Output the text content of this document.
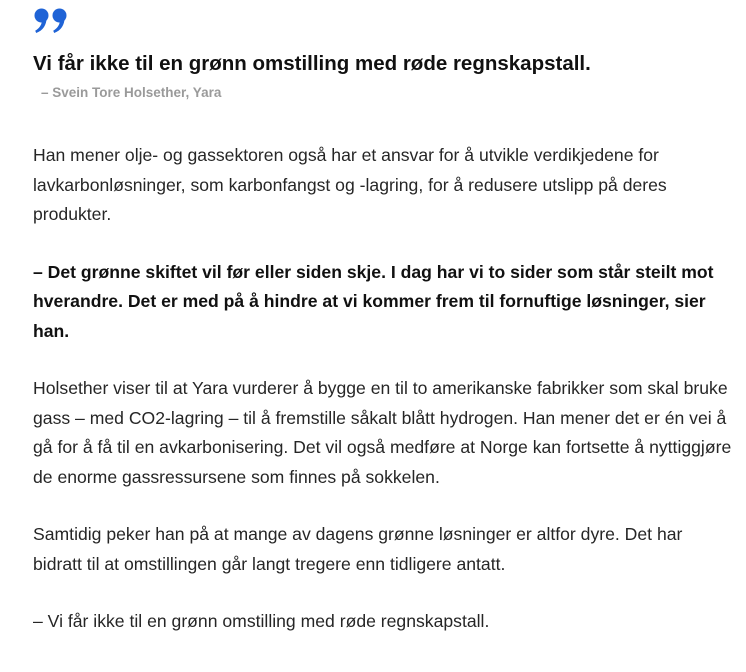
Vi får ikke til en grønn omstilling med røde regnskapstall.

– Svein Tore Holsether, Yara

Han mener olje- og gassektoren også har et ansvar for å utvikle verdikjedene for lavkarbonløsninger, som karbonfangst og -lagring, for å redusere utslipp på deres produkter.

– Det grønne skiftet vil før eller siden skje. I dag har vi to sider som står steilt mot hverandre. Det er med på å hindre at vi kommer frem til fornuftige løsninger, sier han.

Holsether viser til at Yara vurderer å bygge en til to amerikanske fabrikker som skal bruke gass – med CO2-lagring – til å fremstille såkalt blått hydrogen. Han mener det er én vei å gå for å få til en avkarbonisering. Det vil også medføre at Norge kan fortsette å nyttiggjøre de enorme gassressursene som finnes på sokkelen.

Samtidig peker han på at mange av dagens grønne løsninger er altfor dyre. Det har bidratt til at omstillingen går langt tregere enn tidligere antatt.

– Vi får ikke til en grønn omstilling med røde regnskapstall.
